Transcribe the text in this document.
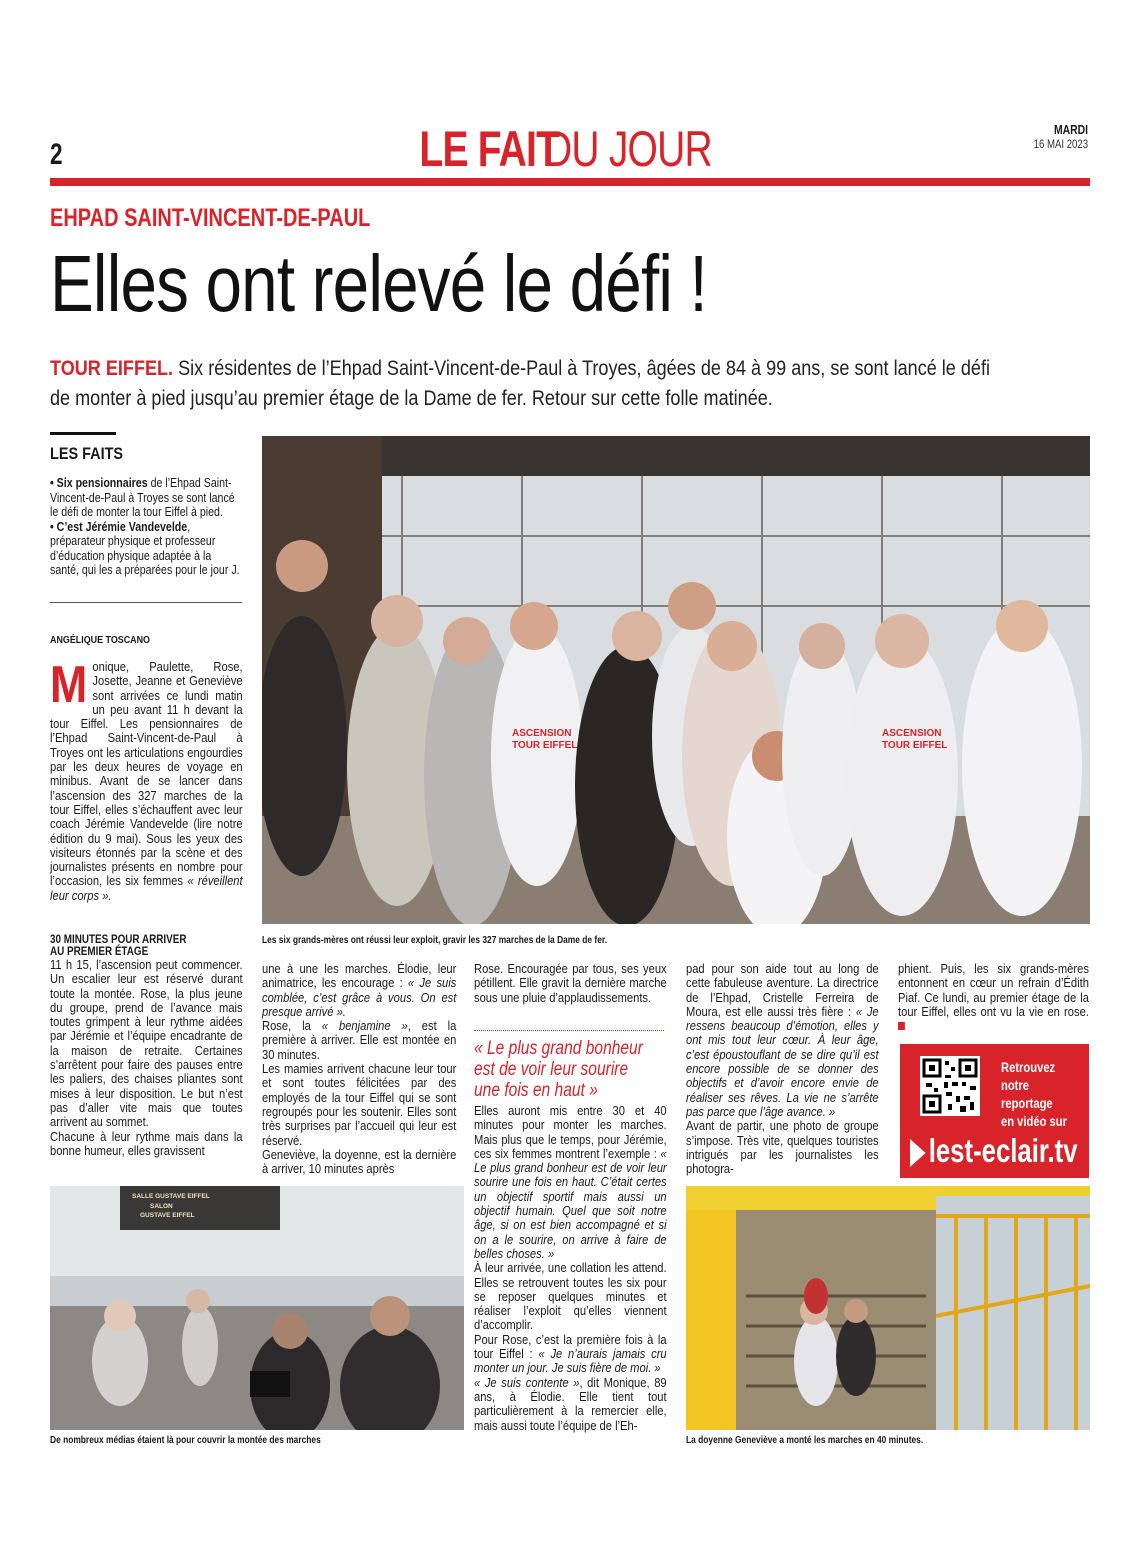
2	LE FAIT DU JOUR	MARDI
16 MAI 2023
EHPAD SAINT-VINCENT-DE-PAUL
Elles ont relevé le défi !
TOUR EIFFEL. Six résidentes de l’Ehpad Saint-Vincent-de-Paul à Troyes, âgées de 84 à 99 ans, se sont lancé le défi de monter à pied jusqu’au premier étage de la Dame de fer. Retour sur cette folle matinée.
LES FAITS

• Six pensionnaires de l’Ehpad Saint-Vincent-de-Paul à Troyes se sont lancé le défi de monter la tour Eiffel à pied.

• C’est Jérémie Vandevelde, préparateur physique et professeur d’éducation physique adaptée à la santé, qui les a préparées pour le jour J.

ANGÉLIQUE TOSCANO

Monique, Paulette, Rose, Josette, Jeanne et Geneviève sont arrivées ce lundi matin un peu avant 11 h devant la tour Eiffel. Les pensionnaires de l’Ehpad Saint-Vincent-de-Paul à Troyes ont les articulations engourdies par les deux heures de voyage en minibus. Avant de se lancer dans l’ascension des 327 marches de la tour Eiffel, elles s’échauffent avec leur coach Jérémie Vandevelde (lire notre édition du 9 mai). Sous les yeux des visiteurs étonnés par la scène et des journalistes présents en nombre pour l’occasion, les six femmes « réveillent leur corps ».

30 MINUTES POUR ARRIVER
AU PREMIER ÉTAGE

11 h 15, l’ascension peut commencer. Un escalier leur est réservé durant toute la montée. Rose, la plus jeune du groupe, prend de l’avance mais toutes grimpent à leur rythme aidées par Jérémie et l’équipe encadrante de la maison de retraite. Certaines s’arrêtent pour faire des pauses entre les paliers, des chaises pliantes sont mises à leur disposition. Le but n’est pas d’aller vite mais que toutes arrivent au sommet.

Chacune à leur rythme mais dans la bonne humeur, elles gravissent

une à une les marches. Élodie, leur animatrice, les encourage : « Je suis comblée, c’est grâce à vous. On est presque arrivé ».

Rose, la « benjamine », est la première à arriver. Elle est montée en 30 minutes.

Les mamies arrivent chacune leur tour et sont toutes félicitées par des employés de la tour Eiffel qui se sont regroupés pour les soutenir. Elles sont très surprises par l’accueil qui leur est réservé.

Geneviève, la doyenne, est la dernière à arriver, 10 minutes après

Rose. Encouragée par tous, ses yeux pétillent. Elle gravit la dernière marche sous une pluie d’applaudissements.

« Le plus grand bonheur est de voir leur sourire une fois en haut »

Elles auront mis entre 30 et 40 minutes pour monter les marches. Mais plus que le temps, pour Jérémie, ces six femmes montrent l’exemple : « Le plus grand bonheur est de voir leur sourire une fois en haut. C’était certes un objectif sportif mais aussi un objectif humain. Quel que soit notre âge, si on est bien accompagné et si on a le sourire, on arrive à faire de belles choses. »

À leur arrivée, une collation les attend. Elles se retrouvent toutes les six pour se reposer quelques minutes et réaliser l’exploit qu’elles viennent d’accomplir.

Pour Rose, c’est la première fois à la tour Eiffel : « Je n’aurais jamais cru monter un jour. Je suis fière de moi. »

« Je suis contente », dit Monique, 89 ans, à Élodie. Elle tient tout particulièrement à la remercier elle, mais aussi toute l’équipe de l’Eh-

pad pour son aide tout au long de cette fabuleuse aventure. La directrice de l’Ehpad, Cristelle Ferreira de Moura, est elle aussi très fière : « Je ressens beaucoup d’émotion, elles y ont mis tout leur cœur. À leur âge, c’est époustouflant de se dire qu’il est encore possible de se donner des objectifs et d’avoir encore envie de réaliser ses rêves. La vie ne s’arrête pas parce que l’âge avance. »

Avant de partir, une photo de groupe s’impose. Très vite, quelques touristes intrigués par les journalistes les photogra-

phient. Puis, les six grands-mères entonnent en cœur un refrain d’Édith Piaf. Ce lundi, au premier étage de la tour Eiffel, elles ont vu la vie en rose.

ASCENSION
TOUR EIFFEL
ASCENSION
TOUR EIFFEL
Les six grands-mères ont réussi leur exploit, gravir les 327 marches de la Dame de fer.
SALLE GUSTAVE EIFFEL
SALON
GUSTAVE EIFFEL
De nombreux médias étaient là pour couvrir la montée des marches
Retrouvez
notre
reportage
en vidéo sur
lest-eclair.tv
La doyenne Geneviève a monté les marches en 40 minutes.
